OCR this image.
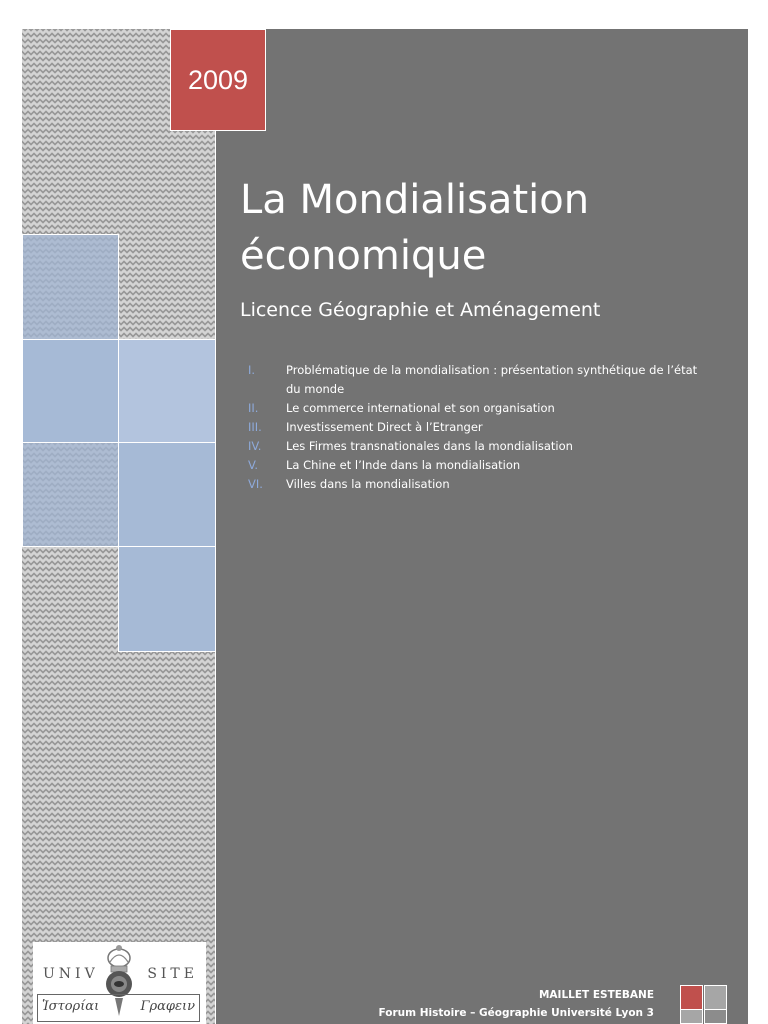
2009
La Mondialisation
économique

Licence Géographie et Aménagement

I.	Problématique de la mondialisation : présentation synthétique de l’état du monde
II.	Le commerce international et son organisation
III.	Investissement Direct à l’Etranger
IV.	Les Firmes transnationales dans la mondialisation
V.	La Chine et l’Inde dans la mondialisation
VI.	Villes dans la mondialisation
MAILLET ESTEBANE
Forum Histoire – Géographie Université Lyon 3
UNIV	SITE
Ἱστορίαι	Γραφειν
